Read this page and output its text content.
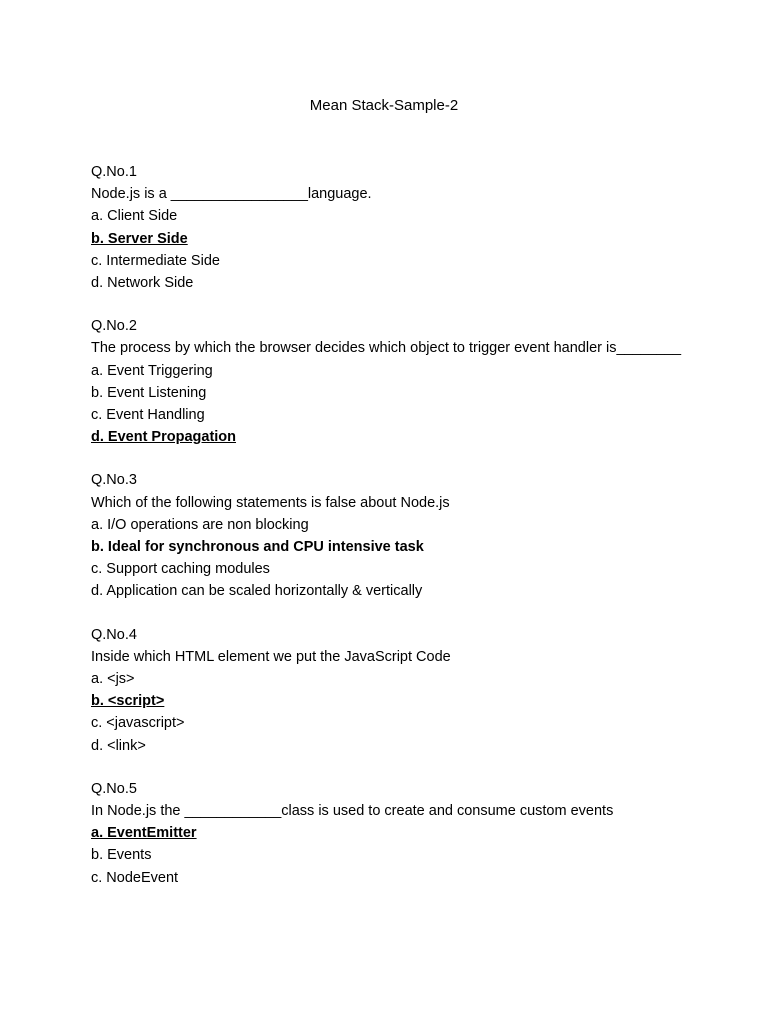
Mean Stack-Sample-2
Q.No.1
Node.js is a _________________language.
a. Client Side
b. Server Side
c. Intermediate Side
d. Network Side
Q.No.2
The process by which the browser decides which object to trigger event handler is________
a. Event Triggering
b. Event Listening
c. Event Handling
d. Event Propagation
Q.No.3
Which of the following statements is false about Node.js
a. I/O operations are non blocking
b. Ideal for synchronous and CPU intensive task
c. Support caching modules
d. Application can be scaled horizontally & vertically
Q.No.4
Inside which HTML element we put the JavaScript Code
a. <js>
b. <script>
c. <javascript>
d. <link>
Q.No.5
In Node.js the ____________class is used to create and consume custom events
a. EventEmitter
b. Events
c. NodeEvent
